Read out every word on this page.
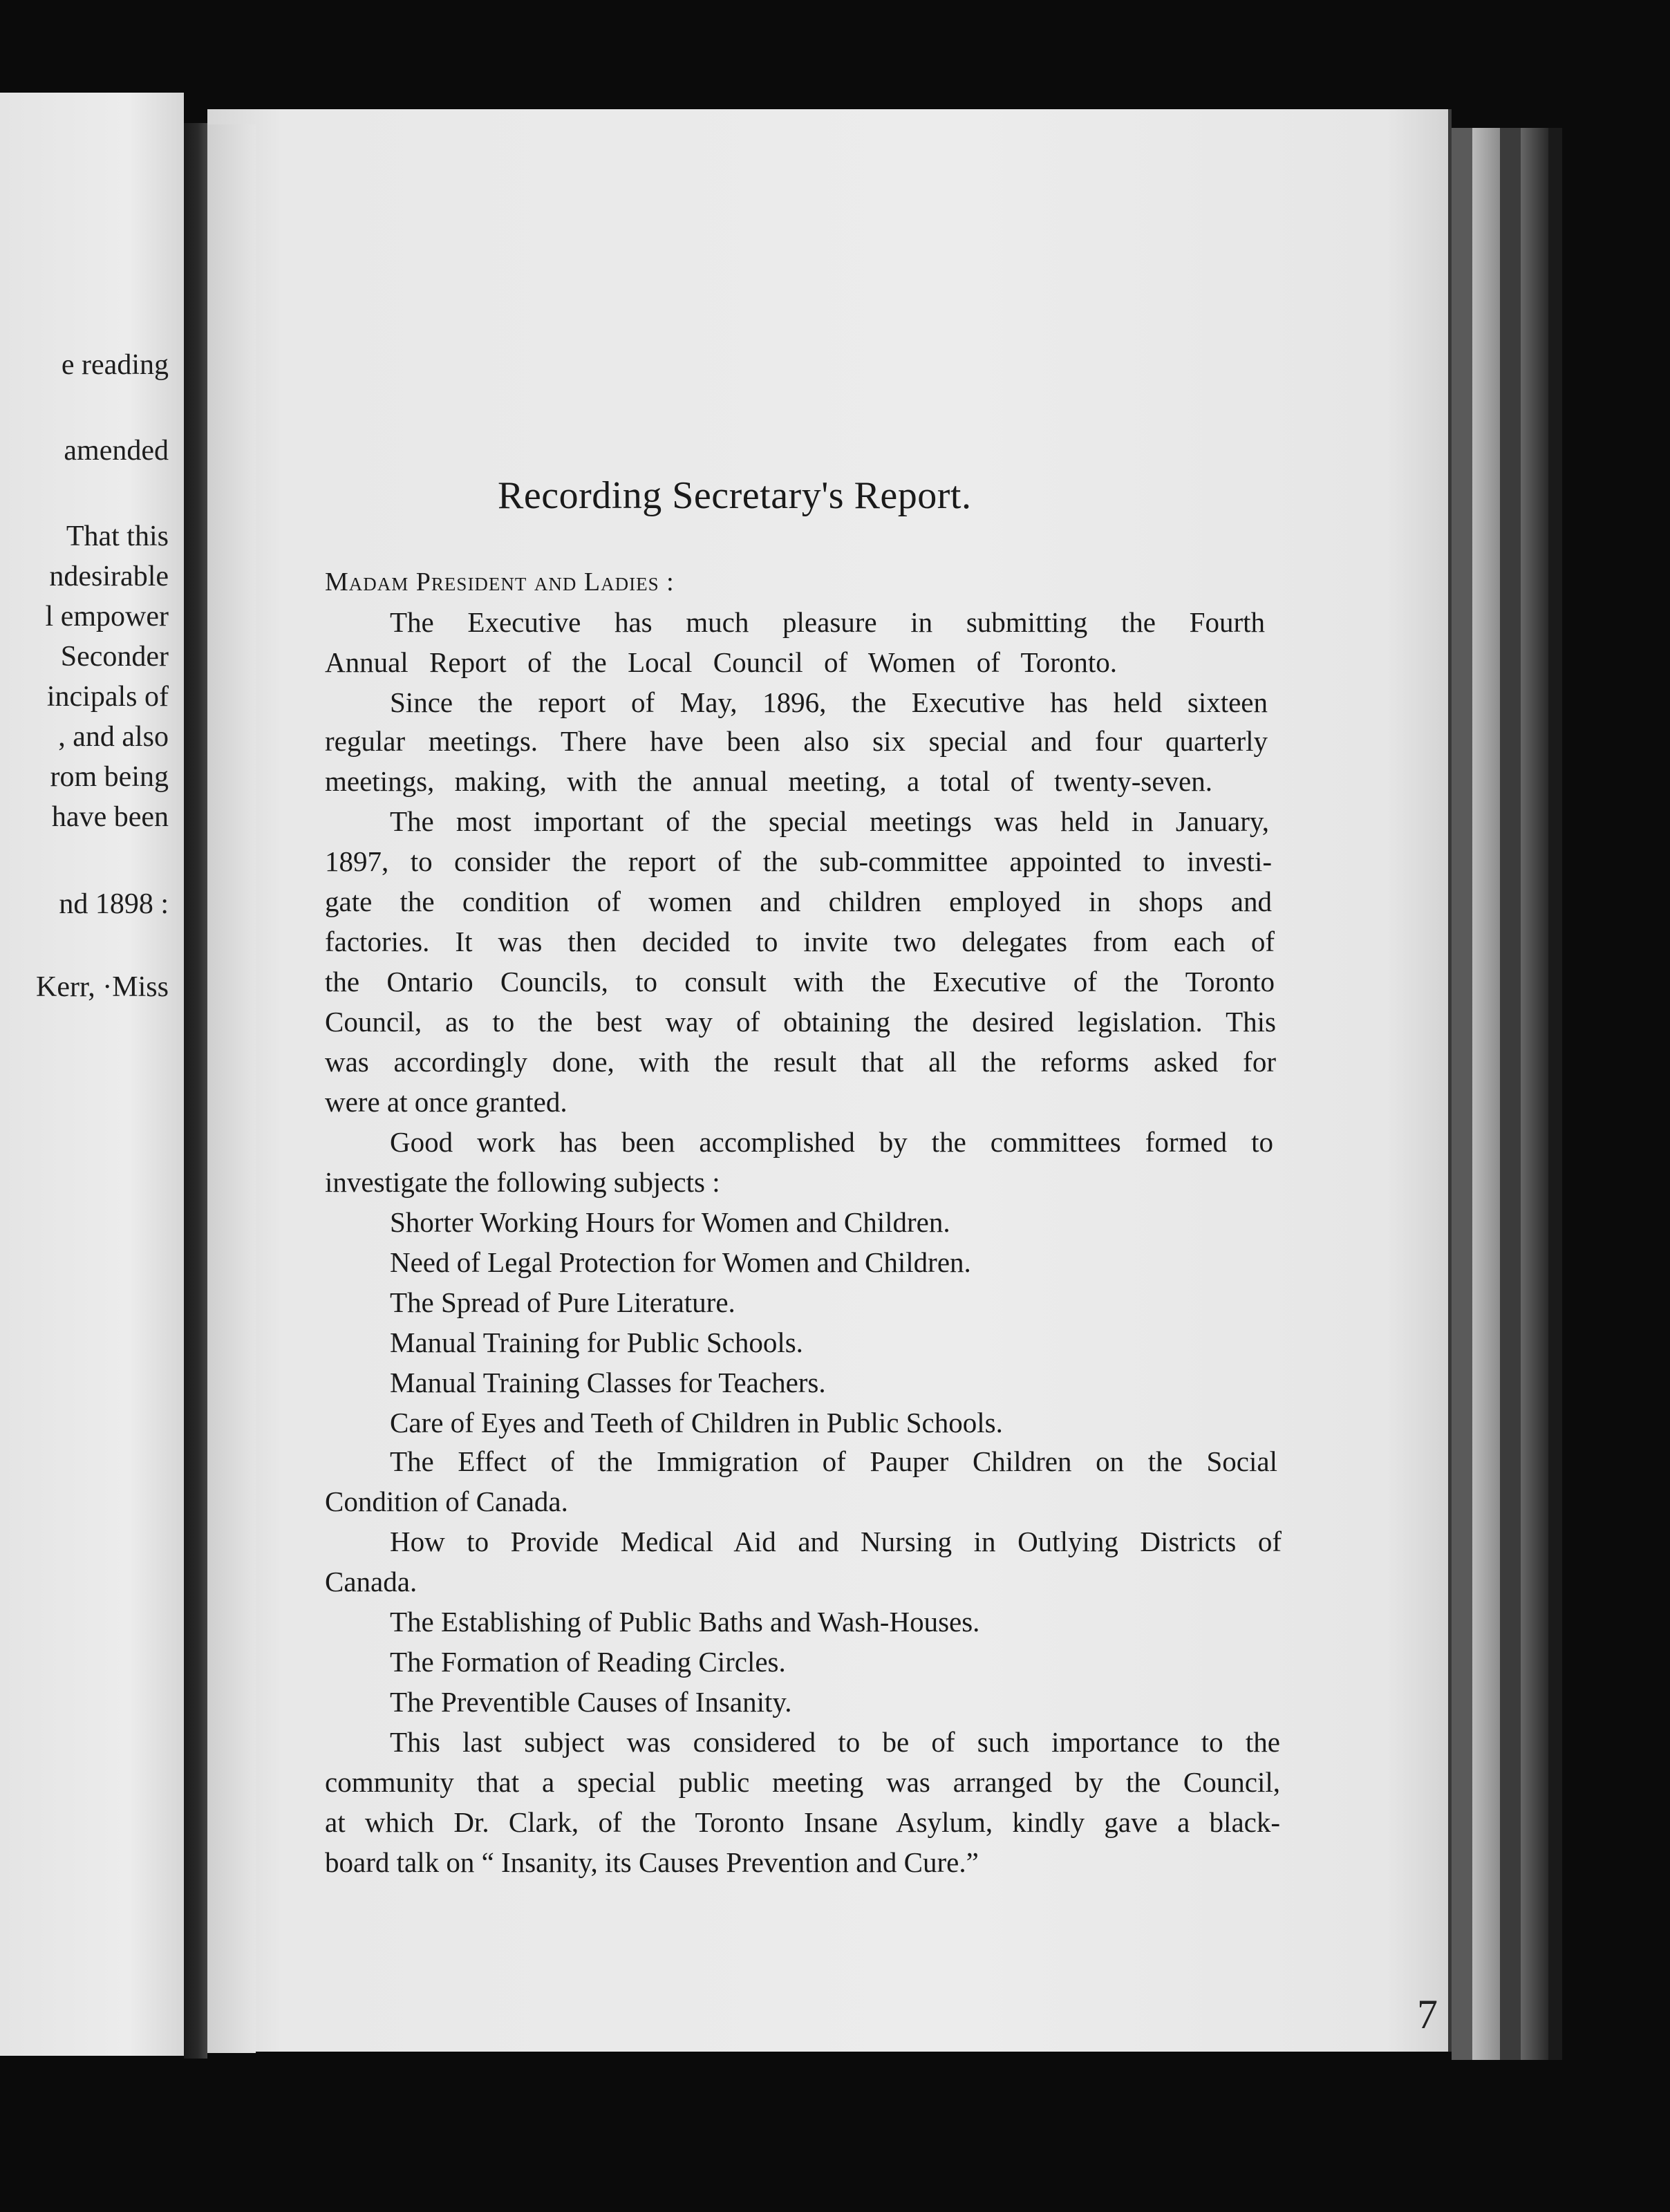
e reading
amended
That this
ndesirable
l empower
Seconder
incipals of
, and also
rom being
have been
nd 1898 :
Kerr, ·Miss
Recording Secretary's Report.
Madam President and Ladies :
The Executive has much pleasure in submitting the Fourth
Annual Report of the Local Council of Women of Toronto.
Since the report of May, 1896, the Executive has held sixteen
regular meetings. There have been also six special and four quarterly
meetings, making, with the annual meeting, a total of twenty-seven.
The most important of the special meetings was held in January,
1897, to consider the report of the sub-committee appointed to investi-
gate the condition of women and children employed in shops and
factories. It was then decided to invite two delegates from each of
the Ontario Councils, to consult with the Executive of the Toronto
Council, as to the best way of obtaining the desired legislation. This
was accordingly done, with the result that all the reforms asked for
were at once granted.
Good work has been accomplished by the committees formed to
investigate the following subjects :
Shorter Working Hours for Women and Children.
Need of Legal Protection for Women and Children.
The Spread of Pure Literature.
Manual Training for Public Schools.
Manual Training Classes for Teachers.
Care of Eyes and Teeth of Children in Public Schools.
The Effect of the Immigration of Pauper Children on the Social
Condition of Canada.
How to Provide Medical Aid and Nursing in Outlying Districts of
Canada.
The Establishing of Public Baths and Wash-Houses.
The Formation of Reading Circles.
The Preventible Causes of Insanity.
This last subject was considered to be of such importance to the
community that a special public meeting was arranged by the Council,
at which Dr. Clark, of the Toronto Insane Asylum, kindly gave a black-
board talk on “ Insanity, its Causes Prevention and Cure.”
7
